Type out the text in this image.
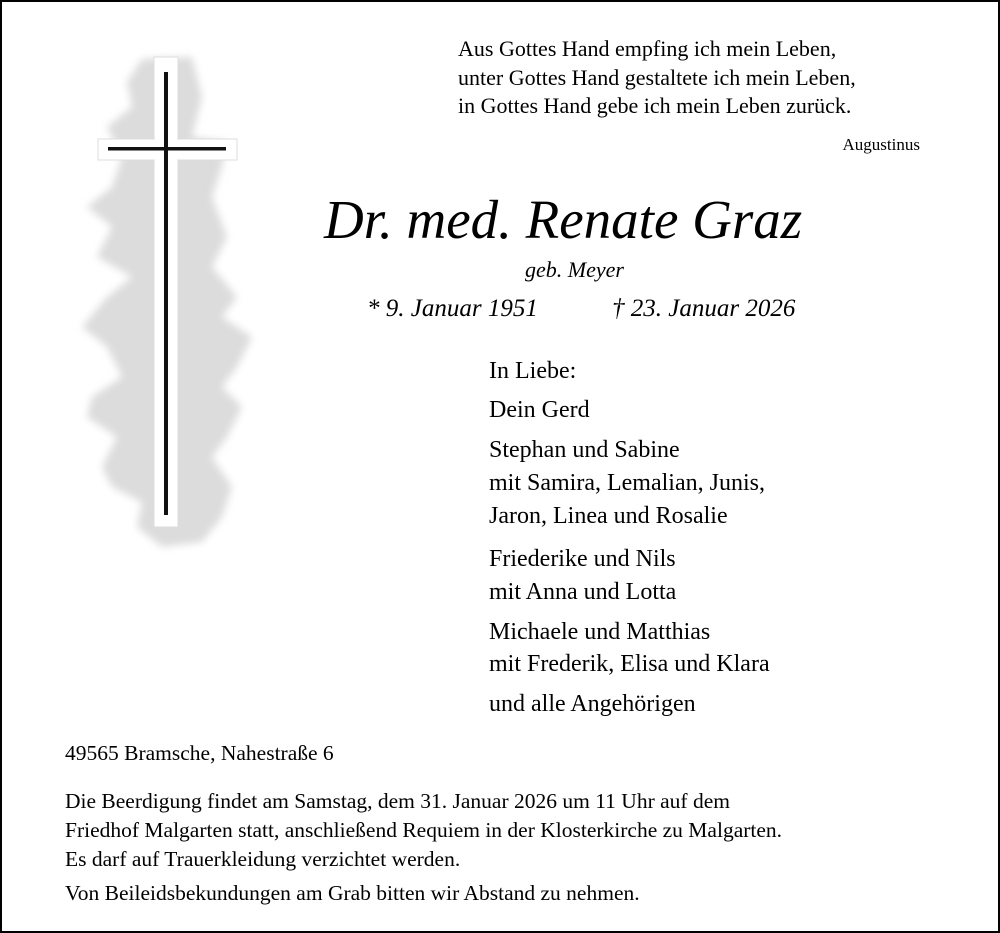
Aus Gottes Hand empfing ich mein Leben,
unter Gottes Hand gestaltete ich mein Leben,
in Gottes Hand gebe ich mein Leben zurück.
Augustinus
Dr. med. Renate Graz
geb. Meyer
* 9. Januar 1951	† 23. Januar 2026
In Liebe:
Dein Gerd
Stephan und Sabine
mit Samira, Lemalian, Junis,
Jaron, Linea und Rosalie
Friederike und Nils
mit Anna und Lotta
Michaele und Matthias
mit Frederik, Elisa und Klara
und alle Angehörigen
49565 Bramsche, Nahestraße 6
Die Beerdigung findet am Samstag, dem 31. Januar 2026 um 11 Uhr auf dem
Friedhof Malgarten statt, anschließend Requiem in der Klosterkirche zu Malgarten.
Es darf auf Trauerkleidung verzichtet werden.
Von Beileidsbekundungen am Grab bitten wir Abstand zu nehmen.
